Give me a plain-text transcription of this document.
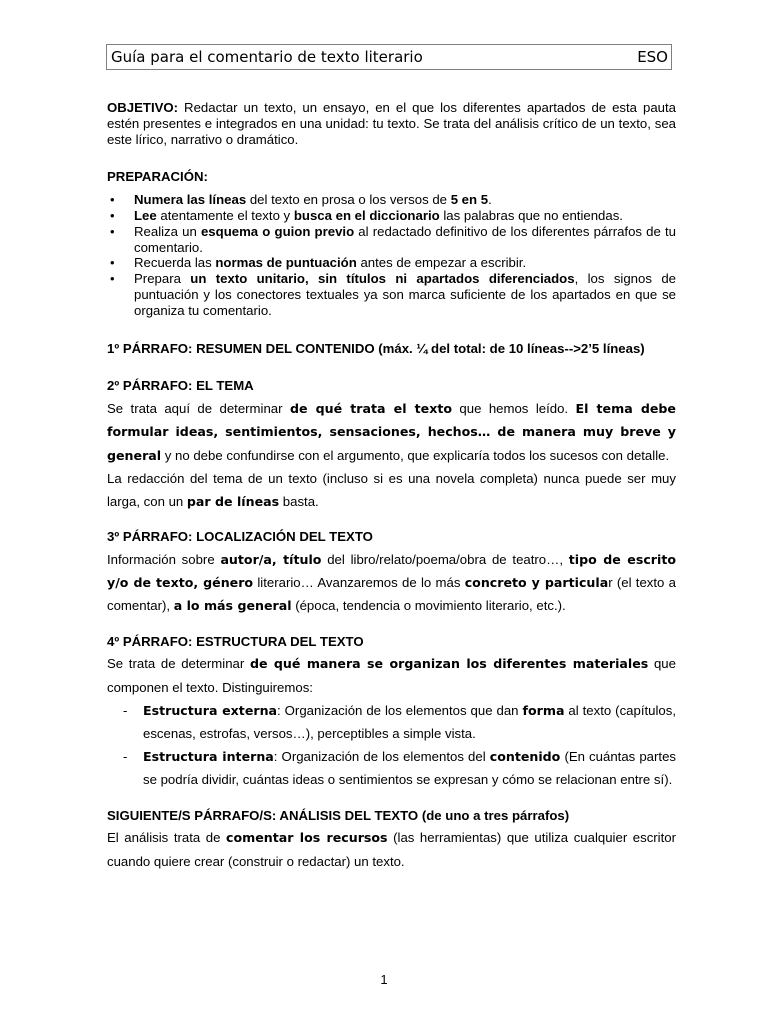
Guía para el comentario de texto literario	ESO

OBJETIVO: Redactar un texto, un ensayo, en el que los diferentes apartados de esta pauta estén presentes e integrados en una unidad: tu texto. Se trata del análisis crítico de un texto, sea este lírico, narrativo o dramático.

PREPARACIÓN:

• Numera las líneas del texto en prosa o los versos de 5 en 5.
• Lee atentamente el texto y busca en el diccionario las palabras que no entiendas.
• Realiza un esquema o guion previo al redactado definitivo de los diferentes párrafos de tu comentario.
• Recuerda las normas de puntuación antes de empezar a escribir.
• Prepara un texto unitario, sin títulos ni apartados diferenciados, los signos de puntuación y los conectores textuales ya son marca suficiente de los apartados en que se organiza tu comentario.

1º PÁRRAFO: RESUMEN DEL CONTENIDO (máx. ¼ del total: de 10 líneas-->2’5 líneas)

2º PÁRRAFO: EL TEMA

Se trata aquí de determinar de qué trata el texto que hemos leído. El tema debe formular ideas, sentimientos, sensaciones, hechos… de manera muy breve y general y no debe confundirse con el argumento, que explicaría todos los sucesos con detalle.

La redacción del tema de un texto (incluso si es una novela completa) nunca puede ser muy larga, con un par de líneas basta.

3º PÁRRAFO: LOCALIZACIÓN DEL TEXTO

Información sobre autor/a, título del libro/relato/poema/obra de teatro…, tipo de escrito y/o de texto, género literario… Avanzaremos de lo más concreto y particular (el texto a comentar), a lo más general (época, tendencia o movimiento literario, etc.).

4º PÁRRAFO: ESTRUCTURA DEL TEXTO

Se trata de determinar de qué manera se organizan los diferentes materiales que componen el texto. Distinguiremos:

- Estructura externa: Organización de los elementos que dan forma al texto (capítulos, escenas, estrofas, versos…), perceptibles a simple vista.

- Estructura interna: Organización de los elementos del contenido (En cuántas partes se podría dividir, cuántas ideas o sentimientos se expresan y cómo se relacionan entre sí).

SIGUIENTE/S PÁRRAFO/S: ANÁLISIS DEL TEXTO (de uno a tres párrafos)

El análisis trata de comentar los recursos (las herramientas) que utiliza cualquier escritor cuando quiere crear (construir o redactar) un texto.

1
